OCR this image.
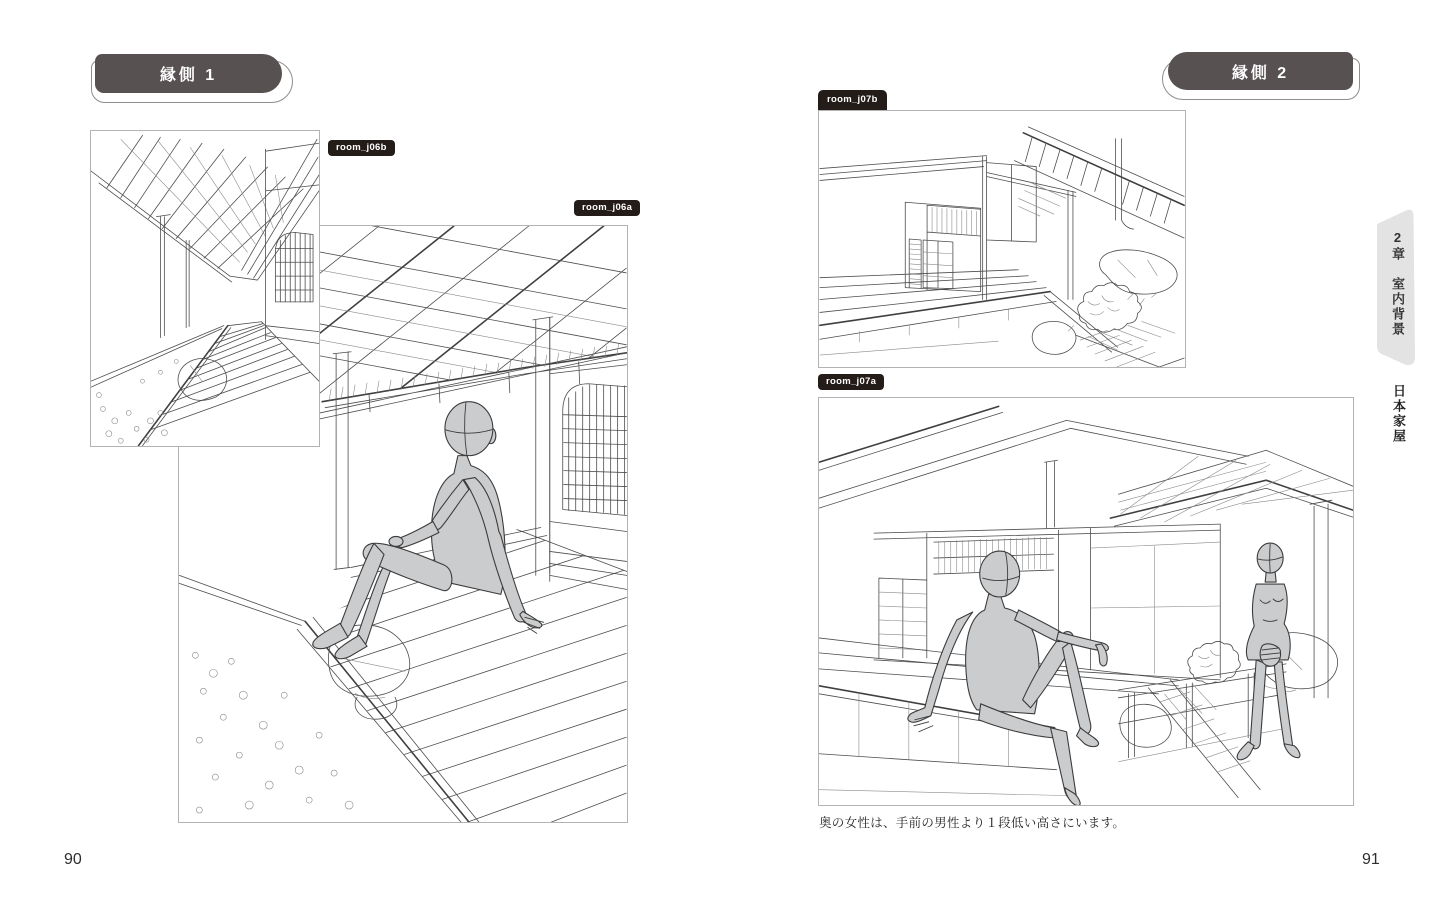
縁側 1
room_j06b
room_j06a
90
縁側 2
room_j07b
room_j07a
奥の女性は、手前の男性より１段低い高さにいます。
91
2章　室内背景
日本家屋
